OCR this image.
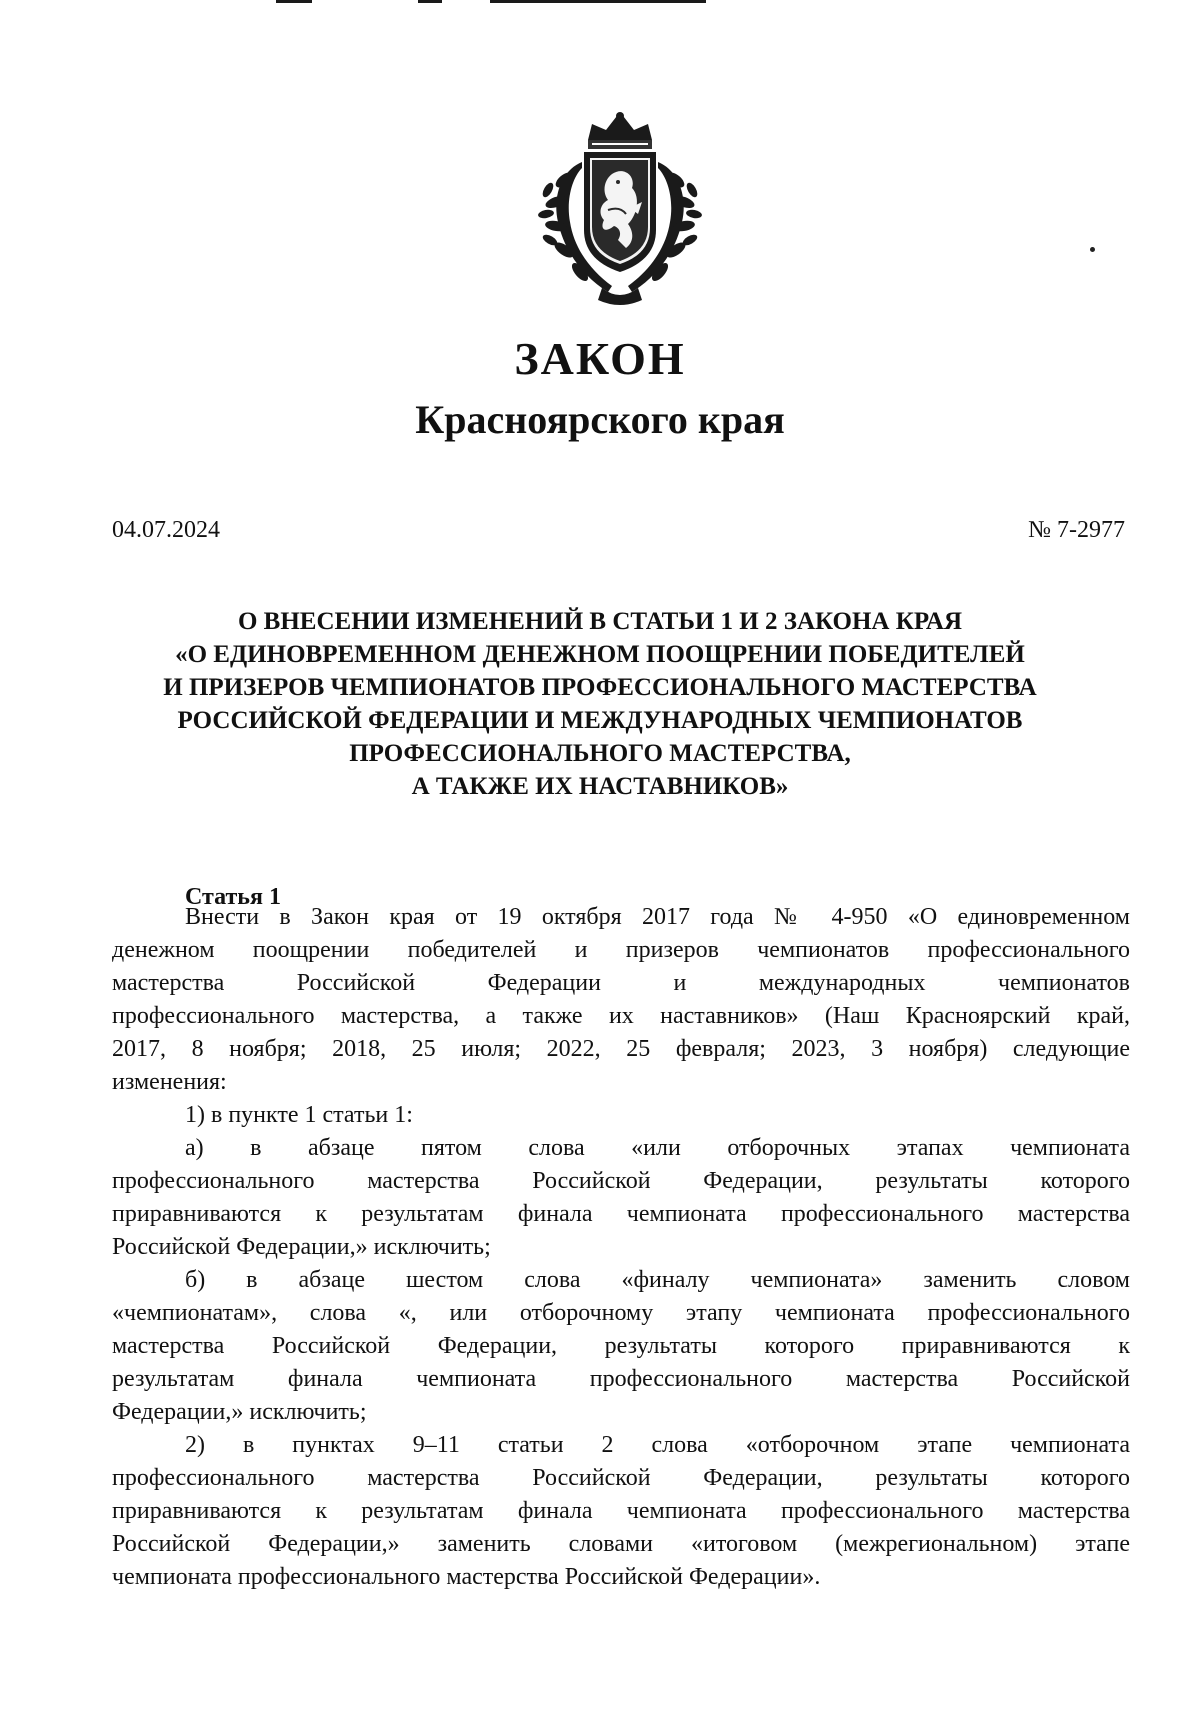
ЗАКОН
Красноярского края
04.07.2024	№ 7-2977
О ВНЕСЕНИИ ИЗМЕНЕНИЙ В СТАТЬИ 1 И 2 ЗАКОНА КРАЯ
«О ЕДИНОВРЕМЕННОМ ДЕНЕЖНОМ ПООЩРЕНИИ ПОБЕДИТЕЛЕЙ
И ПРИЗЕРОВ ЧЕМПИОНАТОВ ПРОФЕССИОНАЛЬНОГО МАСТЕРСТВА
РОССИЙСКОЙ ФЕДЕРАЦИИ И МЕЖДУНАРОДНЫХ ЧЕМПИОНАТОВ
ПРОФЕССИОНАЛЬНОГО МАСТЕРСТВА,
А ТАКЖЕ ИХ НАСТАВНИКОВ»
Статья 1
Внести в Закон края от 19 октября 2017 года № 4-950 «О единовременном
денежном поощрении победителей и призеров чемпионатов профессионального
мастерства Российской Федерации и международных чемпионатов
профессионального мастерства, а также их наставников» (Наш Красноярский край,
2017, 8 ноября; 2018, 25 июля; 2022, 25 февраля; 2023, 3 ноября) следующие
изменения:
1) в пункте 1 статьи 1:
а) в абзаце пятом слова «или отборочных этапах чемпионата
профессионального мастерства Российской Федерации, результаты которого
приравниваются к результатам финала чемпионата профессионального мастерства
Российской Федерации,» исключить;
б) в абзаце шестом слова «финалу чемпионата» заменить словом
«чемпионатам», слова «, или отборочному этапу чемпионата профессионального
мастерства Российской Федерации, результаты которого приравниваются к
результатам финала чемпионата профессионального мастерства Российской
Федерации,» исключить;
2) в пунктах 9–11 статьи 2 слова «отборочном этапе чемпионата
профессионального мастерства Российской Федерации, результаты которого
приравниваются к результатам финала чемпионата профессионального мастерства
Российской Федерации,» заменить словами «итоговом (межрегиональном) этапе
чемпионата профессионального мастерства Российской Федерации».
